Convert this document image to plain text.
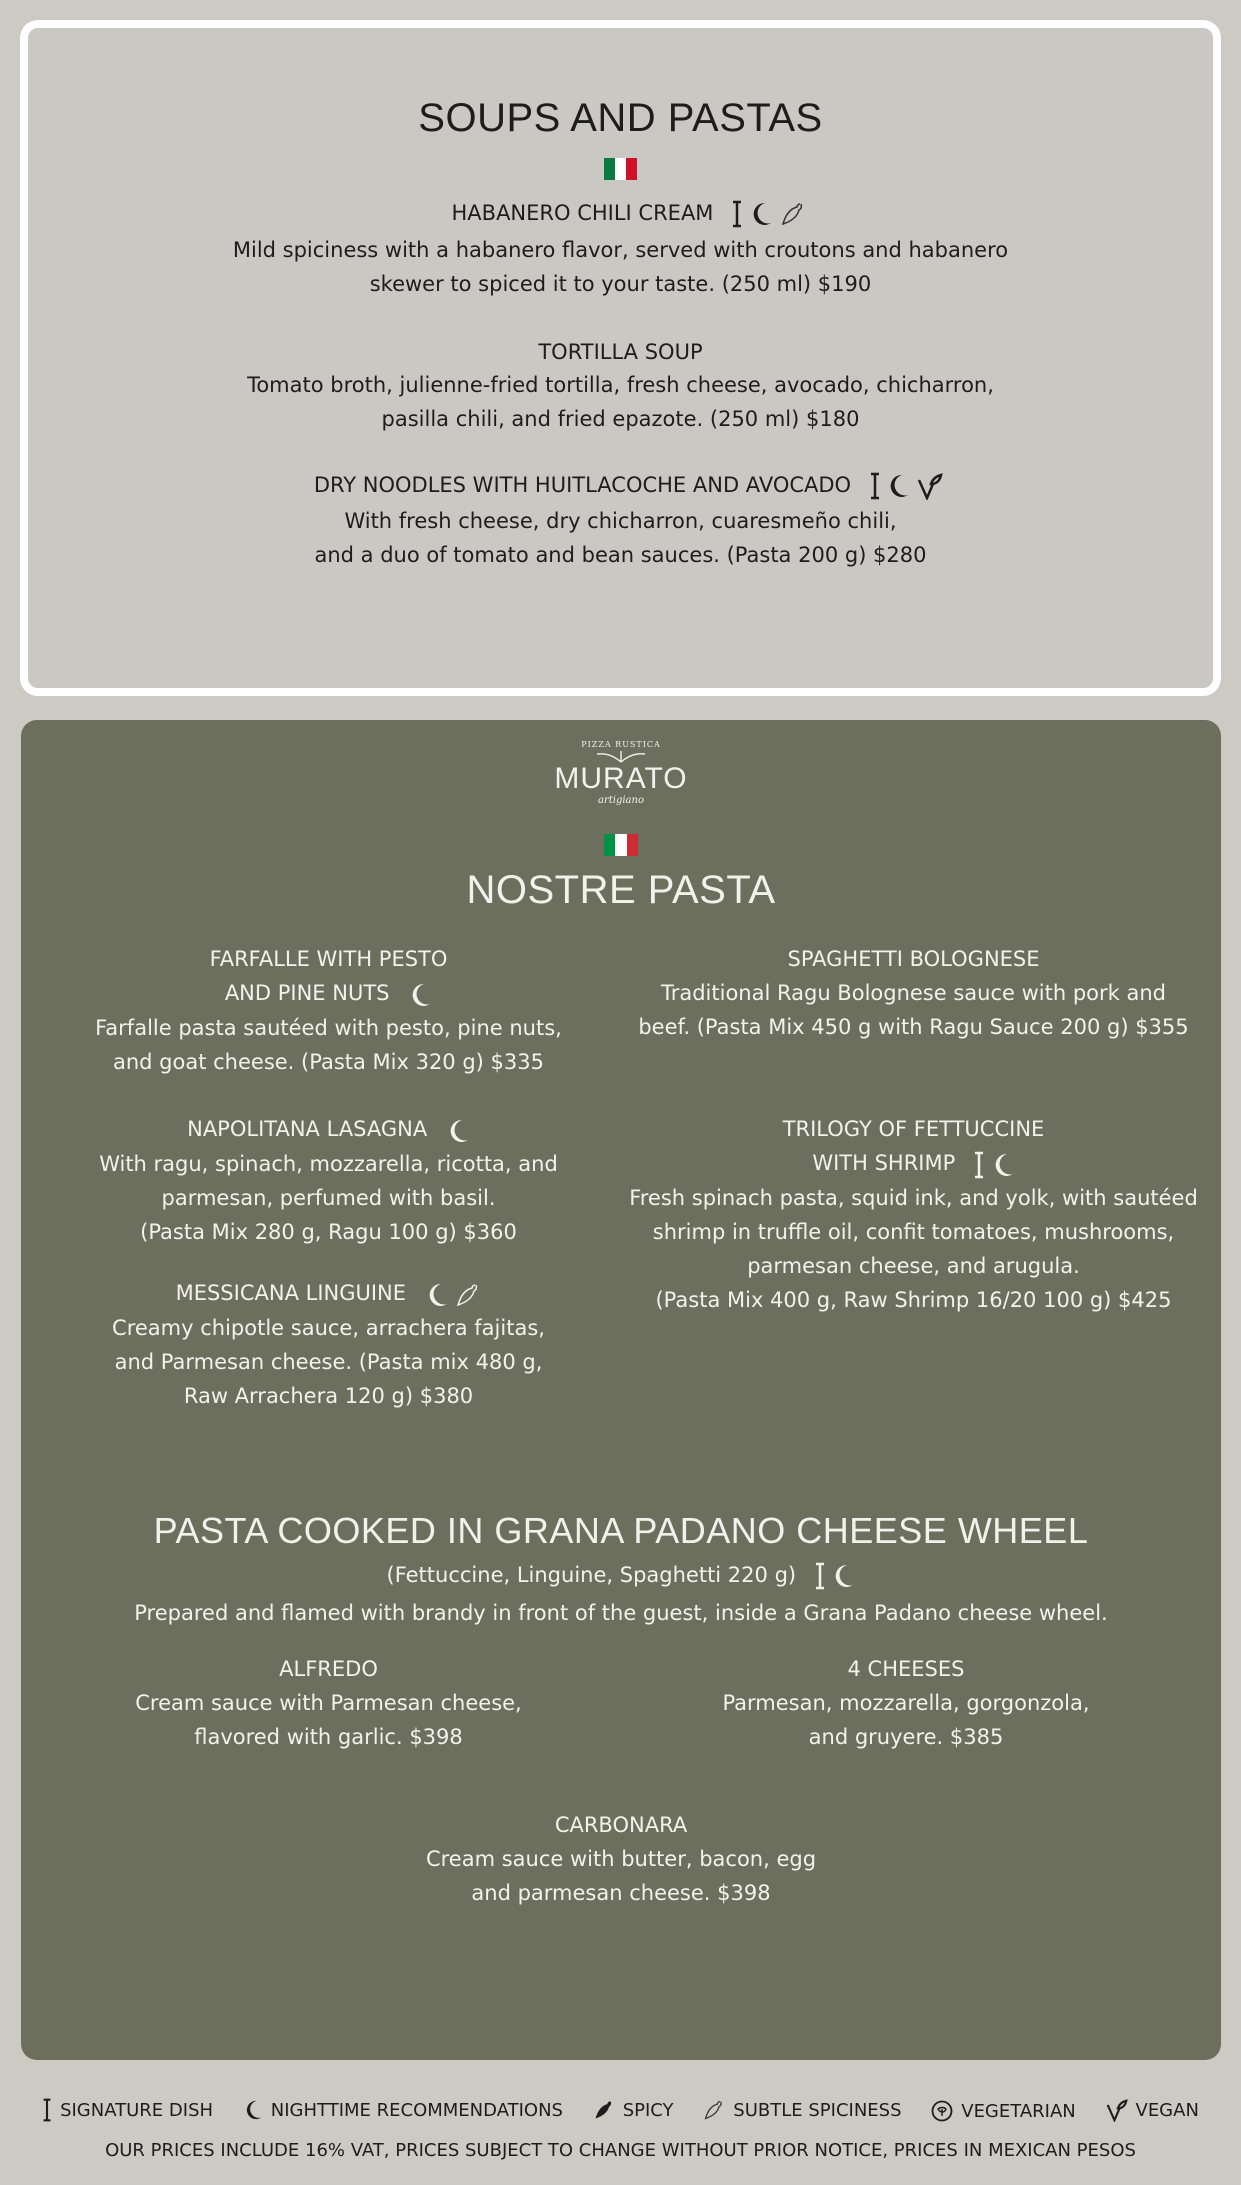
SOUPS AND PASTAS
HABANERO CHILI CREAM
Mild spiciness with a habanero flavor, served with croutons and habanero
skewer to spiced it to your taste. (250 ml) $190
TORTILLA SOUP
Tomato broth, julienne-fried tortilla, fresh cheese, avocado, chicharron,
pasilla chili, and fried epazote. (250 ml) $180
DRY NOODLES WITH HUITLACOCHE AND AVOCADO
With fresh cheese, dry chicharron, cuaresmeño chili,
and a duo of tomato and bean sauces. (Pasta 200 g) $280
PIZZA RUSTICA
MURATO
artigiano
NOSTRE PASTA
FARFALLE WITH PESTO
AND PINE NUTS
Farfalle pasta sautéed with pesto, pine nuts,
and goat cheese. (Pasta Mix 320 g) $335
NAPOLITANA LASAGNA
With ragu, spinach, mozzarella, ricotta, and
parmesan, perfumed with basil.
(Pasta Mix 280 g, Ragu 100 g) $360
MESSICANA LINGUINE
Creamy chipotle sauce, arrachera fajitas,
and Parmesan cheese. (Pasta mix 480 g,
Raw Arrachera 120 g) $380
SPAGHETTI BOLOGNESE
Traditional Ragu Bolognese sauce with pork and
beef. (Pasta Mix 450 g with Ragu Sauce 200 g) $355
TRILOGY OF FETTUCCINE
WITH SHRIMP
Fresh spinach pasta, squid ink, and yolk, with sautéed
shrimp in truffle oil, confit tomatoes, mushrooms,
parmesan cheese, and arugula.
(Pasta Mix 400 g, Raw Shrimp 16/20 100 g) $425
PASTA COOKED IN GRANA PADANO CHEESE WHEEL
(Fettuccine, Linguine, Spaghetti 220 g)
Prepared and flamed with brandy in front of the guest, inside a Grana Padano cheese wheel.
ALFREDO
Cream sauce with Parmesan cheese,
flavored with garlic. $398
4 CHEESES
Parmesan, mozzarella, gorgonzola,
and gruyere. $385
CARBONARA
Cream sauce with butter, bacon, egg
and parmesan cheese. $398
SIGNATURE DISH
	NIGHTTIME RECOMMENDATIONS
	SPICY
	SUBTLE SPICINESS
	VEGETARIAN
	VEGAN
OUR PRICES INCLUDE 16% VAT, PRICES SUBJECT TO CHANGE WITHOUT PRIOR NOTICE, PRICES IN MEXICAN PESOS
